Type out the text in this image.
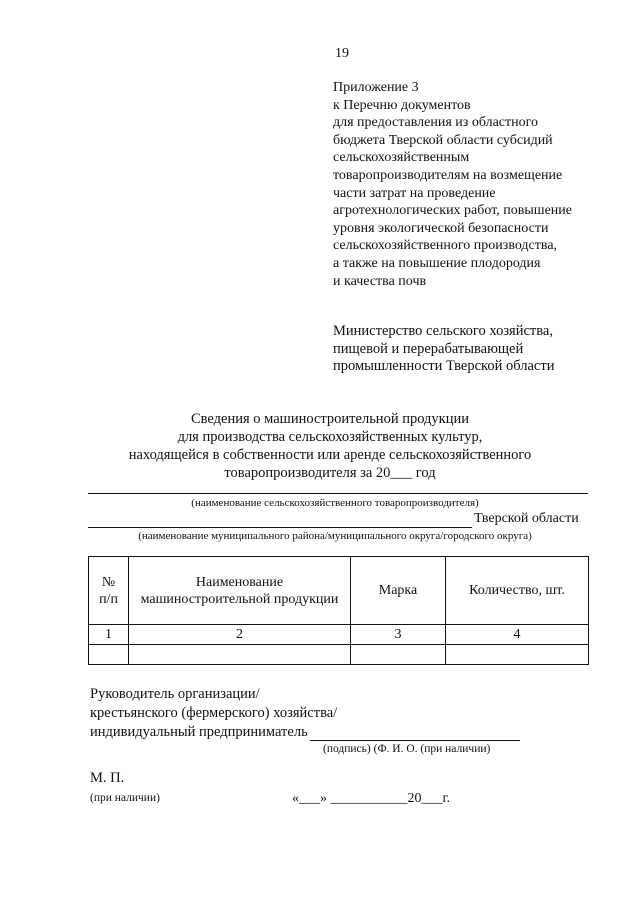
19
Приложение 3
к Перечню документов
для предоставления из областного
бюджета Тверской области субсидий
сельскохозяйственным
товаропроизводителям на возмещение
части затрат на проведение
агротехнологических работ, повышение
уровня экологической безопасности
сельскохозяйственного производства,
а также на повышение плодородия
и качества почв
Министерство сельского хозяйства,
пищевой и перерабатывающей
промышленности Тверской области
Сведения о машиностроительной продукции
для производства сельскохозяйственных культур,
находящейся в собственности или аренде сельскохозяйственного
товаропроизводителя за 20___ год
(наименование сельскохозяйственного товаропроизводителя)
Тверской области
(наименование муниципального района/муниципального округа/городского округа)
№ п/п	Наименование машиностроительной продукции	Марка	Количество, шт.
1	2	3	4

Руководитель организации/
крестьянского (фермерского) хозяйства/
индивидуальный предприниматель
(подпись) (Ф. И. О. (при наличии)
М. П.
(при наличии)	«___» ___________20___г.
